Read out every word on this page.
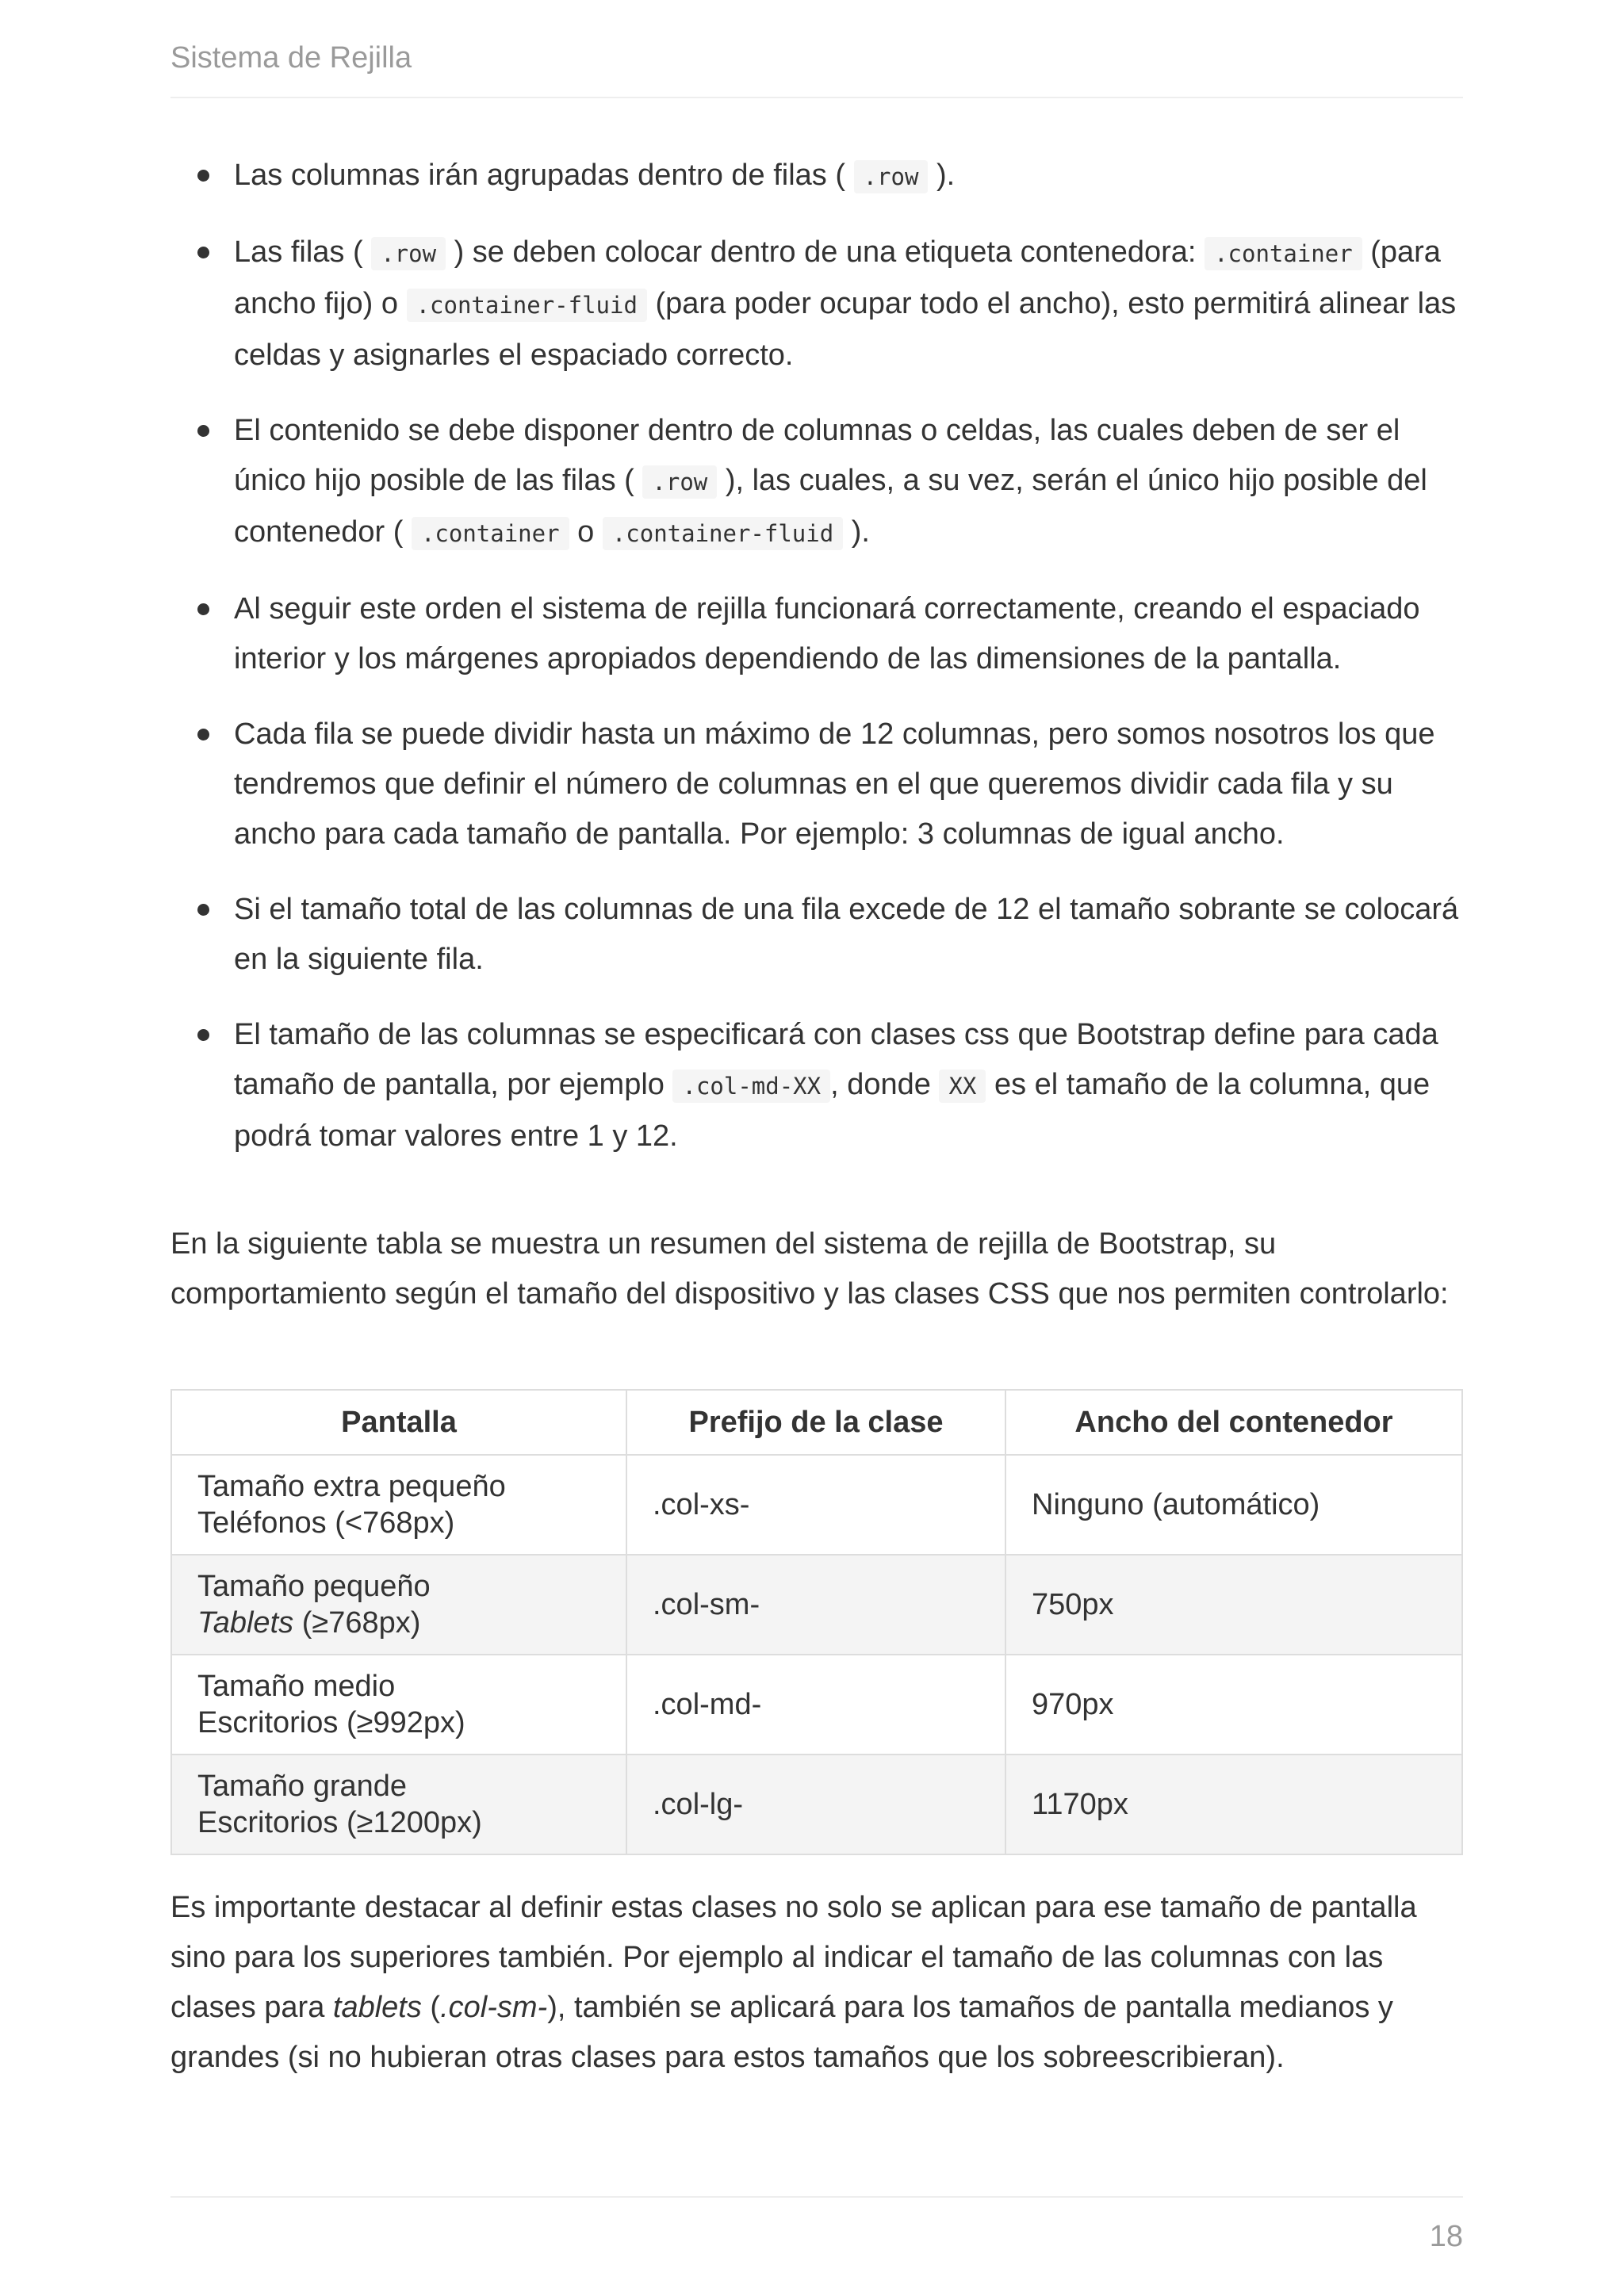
Sistema de Rejilla
Las columnas irán agrupadas dentro de filas ( .row ).
Las filas ( .row ) se deben colocar dentro de una etiqueta contenedora: .container (para ancho fijo) o .container-fluid (para poder ocupar todo el ancho), esto permitirá alinear las celdas y asignarles el espaciado correcto.
El contenido se debe disponer dentro de columnas o celdas, las cuales deben de ser el único hijo posible de las filas ( .row ), las cuales, a su vez, serán el único hijo posible del contenedor ( .container o .container-fluid ).
Al seguir este orden el sistema de rejilla funcionará correctamente, creando el espaciado interior y los márgenes apropiados dependiendo de las dimensiones de la pantalla.
Cada fila se puede dividir hasta un máximo de 12 columnas, pero somos nosotros los que tendremos que definir el número de columnas en el que queremos dividir cada fila y su ancho para cada tamaño de pantalla. Por ejemplo: 3 columnas de igual ancho.
Si el tamaño total de las columnas de una fila excede de 12 el tamaño sobrante se colocará en la siguiente fila.
El tamaño de las columnas se especificará con clases css que Bootstrap define para cada tamaño de pantalla, por ejemplo .col-md-XX , donde XX es el tamaño de la columna, que podrá tomar valores entre 1 y 12.

En la siguiente tabla se muestra un resumen del sistema de rejilla de Bootstrap, su comportamiento según el tamaño del dispositivo y las clases CSS que nos permiten controlarlo:

Pantalla	Prefijo de la clase	Ancho del contenedor
Tamaño extra pequeño
Teléfonos (<768px)	.col-xs-	Ninguno (automático)
Tamaño pequeño
Tablets (≥768px)	.col-sm-	750px
Tamaño medio
Escritorios (≥992px)	.col-md-	970px
Tamaño grande
Escritorios (≥1200px)	.col-lg-	1170px

Es importante destacar al definir estas clases no solo se aplican para ese tamaño de pantalla sino para los superiores también. Por ejemplo al indicar el tamaño de las columnas con las clases para tablets (.col-sm-), también se aplicará para los tamaños de pantalla medianos y grandes (si no hubieran otras clases para estos tamaños que los sobreescribieran).

18
